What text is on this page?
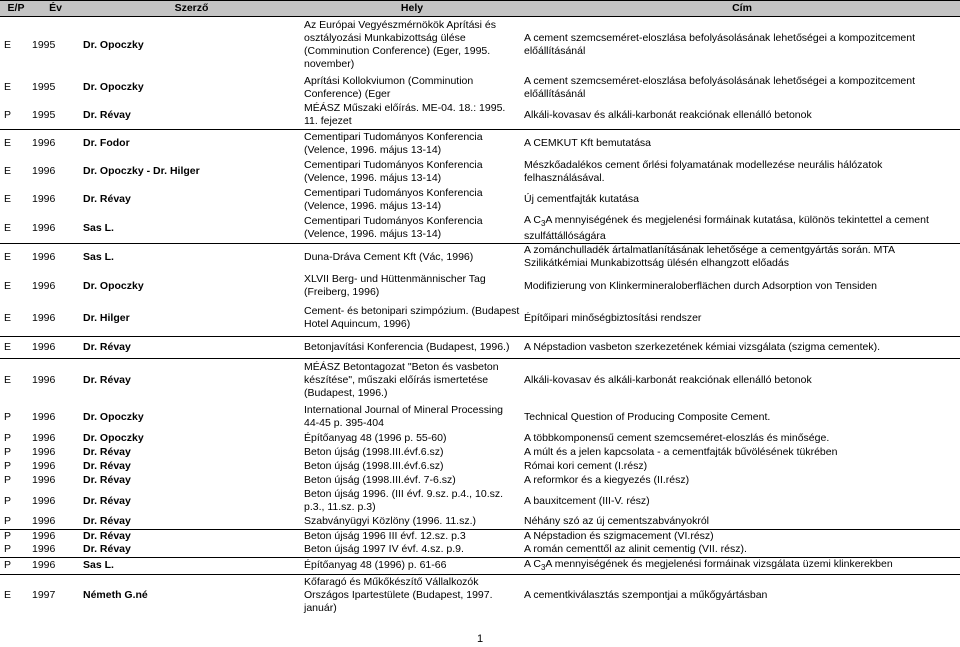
E/P	Év	Szerző	Hely	Cím
E	1995	Dr. Opoczky	Az Európai Vegyészmérnökök Aprítási és osztályozási Munkabizottság ülése (Comminution Conference) (Eger, 1995. november)	A cement szemcseméret-eloszlása befolyásolásának lehetőségei a kompozitcement előállításánál
E	1995	Dr. Opoczky	Aprítási Kollokviumon (Comminution Conference) (Eger	A cement szemcseméret-eloszlása befolyásolásának lehetőségei a kompozitcement előállításánál
P	1995	Dr. Révay	MÉÁSZ Műszaki előírás. ME-04. 18.: 1995. 11. fejezet	Alkáli-kovasav és alkáli-karbonát reakciónak ellenálló betonok
E	1996	Dr. Fodor	Cementipari Tudományos Konferencia (Velence, 1996. május 13-14)	A CEMKUT Kft bemutatása
E	1996	Dr. Opoczky - Dr. Hilger	Cementipari Tudományos Konferencia (Velence, 1996. május 13-14)	Mészkőadalékos cement őrlési folyamatának modellezése neurális hálózatok felhasználásával.
E	1996	Dr. Révay	Cementipari Tudományos Konferencia (Velence, 1996. május 13-14)	Új cementfajták kutatása
E	1996	Sas L.	Cementipari Tudományos Konferencia (Velence, 1996. május 13-14)	A $C_3A$ mennyiségének és megjelenési formáinak kutatása, különös tekintettel a cement szulfáttállóságára
E	1996	Sas L.	Duna-Dráva Cement Kft (Vác, 1996)	A zománchulladék ártalmatlanításának lehetősége a cementgyártás során. MTA Szilikátkémiai Munkabizottság ülésén elhangzott előadás
E	1996	Dr. Opoczky	XLVII Berg- und Hüttenmännischer Tag (Freiberg, 1996)	Modifizierung von Klinkermineraloberflächen durch Adsorption von Tensiden
E	1996	Dr. Hilger	Cement- és betonipari szimpózium. (Budapest Hotel Aquincum, 1996)	Építőipari minőségbiztosítási rendszer
E	1996	Dr. Révay	Betonjavítási Konferencia (Budapest, 1996.)	A Népstadion vasbeton szerkezetének kémiai vizsgálata (szigma cementek).
E	1996	Dr. Révay	MÉÁSZ Betontagozat "Beton és vasbeton készítése", műszaki előírás ismertetése (Budapest, 1996.)	Alkáli-kovasav és alkáli-karbonát reakciónak ellenálló betonok
P	1996	Dr. Opoczky	International Journal of Mineral Processing 44-45 p. 395-404	Technical Question of Producing Composite Cement.
P	1996	Dr. Opoczky	Építőanyag 48 (1996 p. 55-60)	A többkomponensű cement szemcseméret-eloszlás és minősége.
P	1996	Dr. Révay	Beton újság (1998.III.évf.6.sz)	A múlt és a jelen kapcsolata - a cementfajták bűvölésének tükrében
P	1996	Dr. Révay	Beton újság (1998.III.évf.6.sz)	Római kori cement (I.rész)
P	1996	Dr. Révay	Beton újság (1998.III.évf. 7-6.sz)	A reformkor és a kiegyezés (II.rész)
P	1996	Dr. Révay	Beton újság 1996. (III évf. 9.sz. p.4., 10.sz. p.3., 11.sz. p.3)	A bauxitcement (III-V. rész)
P	1996	Dr. Révay	Szabványügyi Közlöny (1996. 11.sz.)	Néhány szó az új cementszabványokról
P	1996	Dr. Révay	Beton újság 1996 III évf. 12.sz. p.3	A Népstadion és szigmacement (VI.rész)
P	1996	Dr. Révay	Beton újság 1997 IV évf. 4.sz. p.9.	A román cementtől az alinit cementig (VII. rész).
P	1996	Sas L.	Építőanyag 48 (1996) p. 61-66	A $C_3A$ mennyiségének és megjelenési formáinak vizsgálata üzemi klinkerekben
E	1997	Németh G.né	Kőfaragó és Műkőkészítő Vállalkozók Országos Ipartestülete (Budapest, 1997. január)	A cementkiválasztás szempontjai a műkőgyártásban
1
